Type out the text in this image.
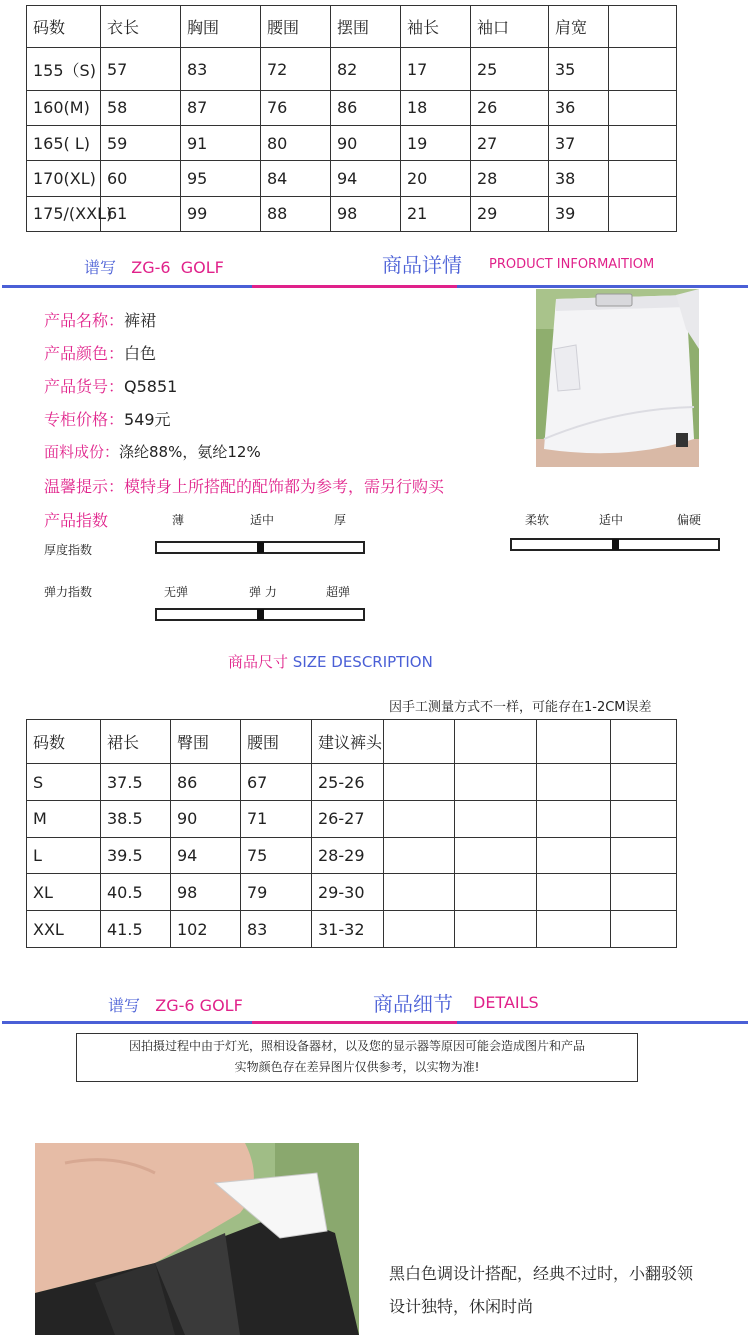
码数	衣长	胸围	腰围	摆围	袖长	袖口	肩宽	
155（S)	57	83	72	82	17	25	35	
160(M)	58	87	76	86	18	26	36	
165( L)	59	91	80	90	19	27	37	
170(XL)	60	95	84	94	20	28	38	
175/(XXL)	61	99	88	98	21	29	39	
谱写 ZG-6 GOLF	商品详情 PRODUCT INFORMAITIOM
产品名称：裤裙
产品颜色：白色
产品货号：Q5851
专柜价格：549元
面料成份：涤纶88%，氨纶12%
温馨提示：模特身上所搭配的配饰都为参考，需另行购买
产品指数	薄	适中	厚
厚度指数
柔软	适中	偏硬
无弹	弹 力	超弹
弹力指数
商品尺寸 SIZE DESCRIPTION
因手工测量方式不一样，可能存在1-2CM误差
码数	裙长	臀围	腰围	建议裤头				
S	37.5	86	67	25-26				
M	38.5	90	71	26-27				
L	39.5	94	75	28-29				
XL	40.5	98	79	29-30				
XXL	41.5	102	83	31-32				
谱写 ZG-6 GOLF	商品细节 DETAILS
因拍摄过程中由于灯光，照相设备器材，以及您的显示器等原因可能会造成图片和产品
实物颜色存在差异图片仅供参考，以实物为准!
黑白色调设计搭配，经典不过时，小翻驳领
设计独特，休闲时尚
